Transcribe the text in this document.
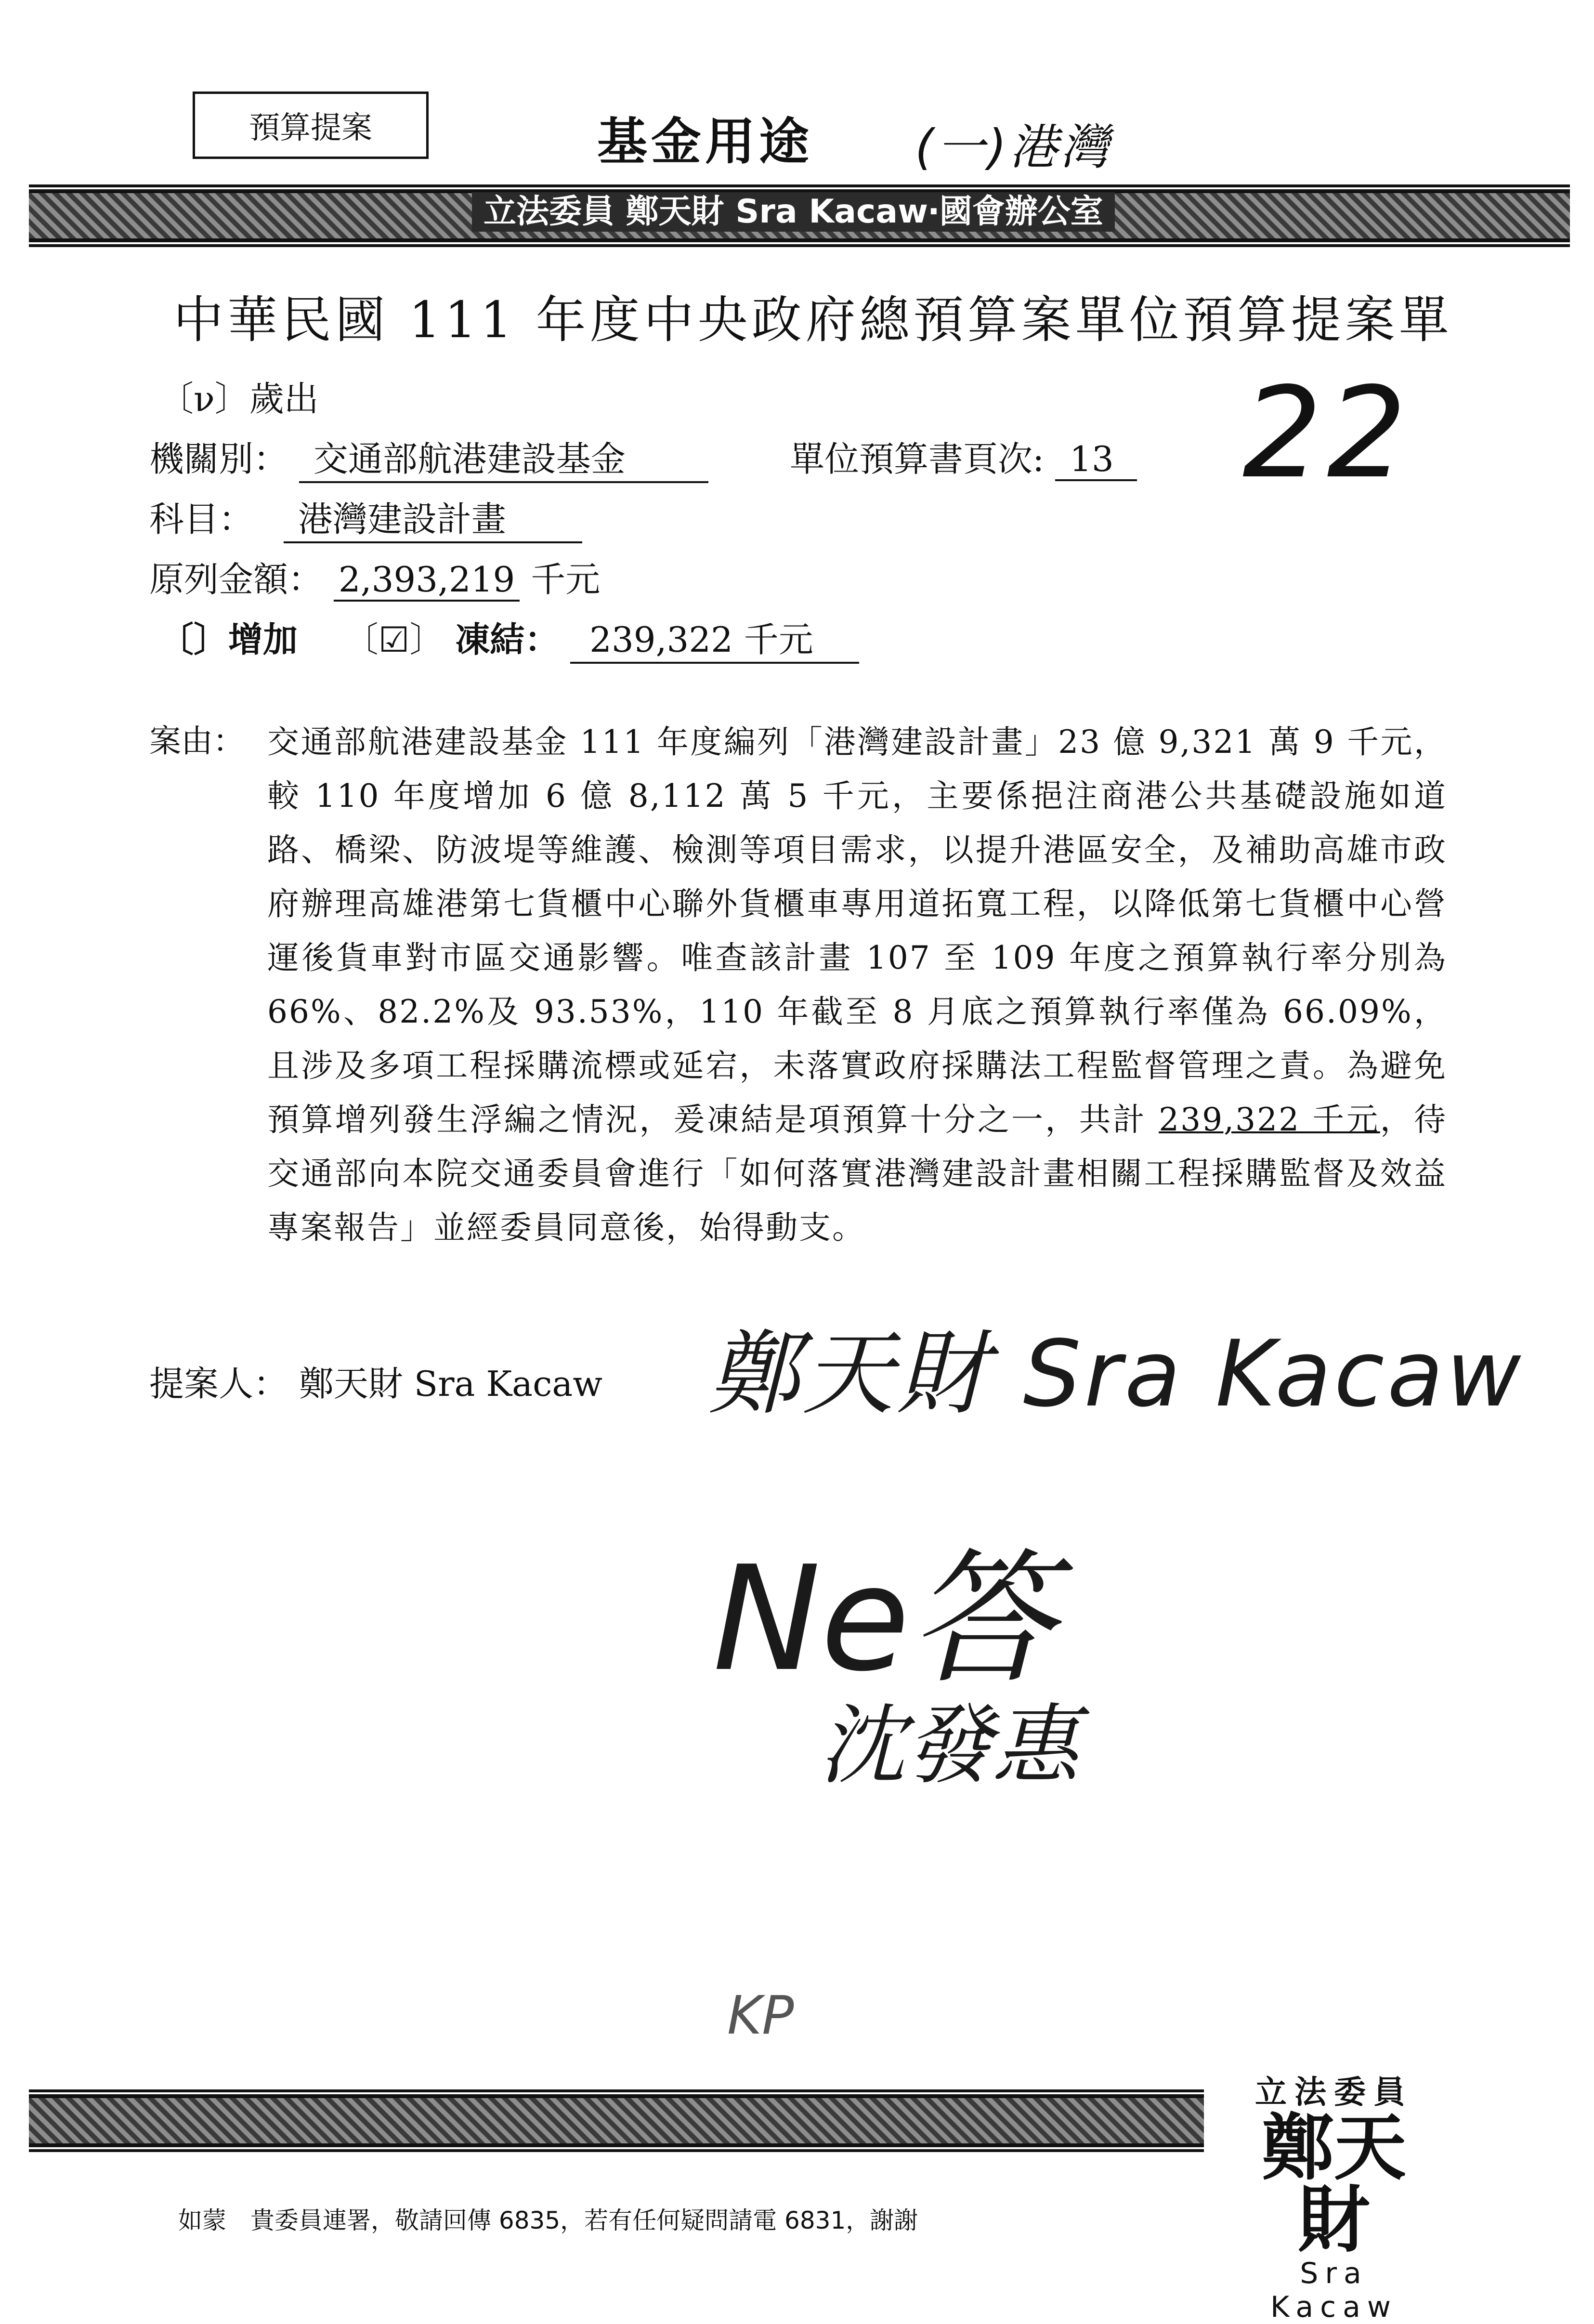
預算提案	基金用途 (一)港灣
立法委員 鄭天財 Sra Kacaw‧國會辦公室
中華民國 111 年度中央政府總預算案單位預算提案單
22
〔ν〕歲出
機關別： 交通部航港建設基金	單位預算書頁次: 13
科目： 港灣建設計畫
原列金額： 2,393,219 千元
〔〕增加 〔☑〕 凍結： 239,322 千元
案由： 交通部航港建設基金 111 年度編列「港灣建設計畫」23 億 9,321 萬 9 千元，較 110 年度增加 6 億 8,112 萬 5 千元，主要係挹注商港公共基礎設施如道路、橋梁、防波堤等維護、檢測等項目需求，以提升港區安全，及補助高雄市政府辦理高雄港第七貨櫃中心聯外貨櫃車專用道拓寬工程，以降低第七貨櫃中心營運後貨車對市區交通影響。唯查該計畫 107 至 109 年度之預算執行率分別為 66%、82.2%及 93.53%，110 年截至 8 月底之預算執行率僅為 66.09%，且涉及多項工程採購流標或延宕，未落實政府採購法工程監督管理之責。為避免預算增列發生浮編之情況，爰凍結是項預算十分之一，共計 239,322 千元，待交通部向本院交通委員會進行「如何落實港灣建設計畫相關工程採購監督及效益專案報告」並經委員同意後，始得動支。
提案人： 鄭天財 Sra Kacaw 鄭天財 Sra Kacaw
Ne答
沈發惠
KP
立法委員
鄭天財
Sra Kacaw
如蒙　貴委員連署，敬請回傳 6835，若有任何疑問請電 6831，謝謝
